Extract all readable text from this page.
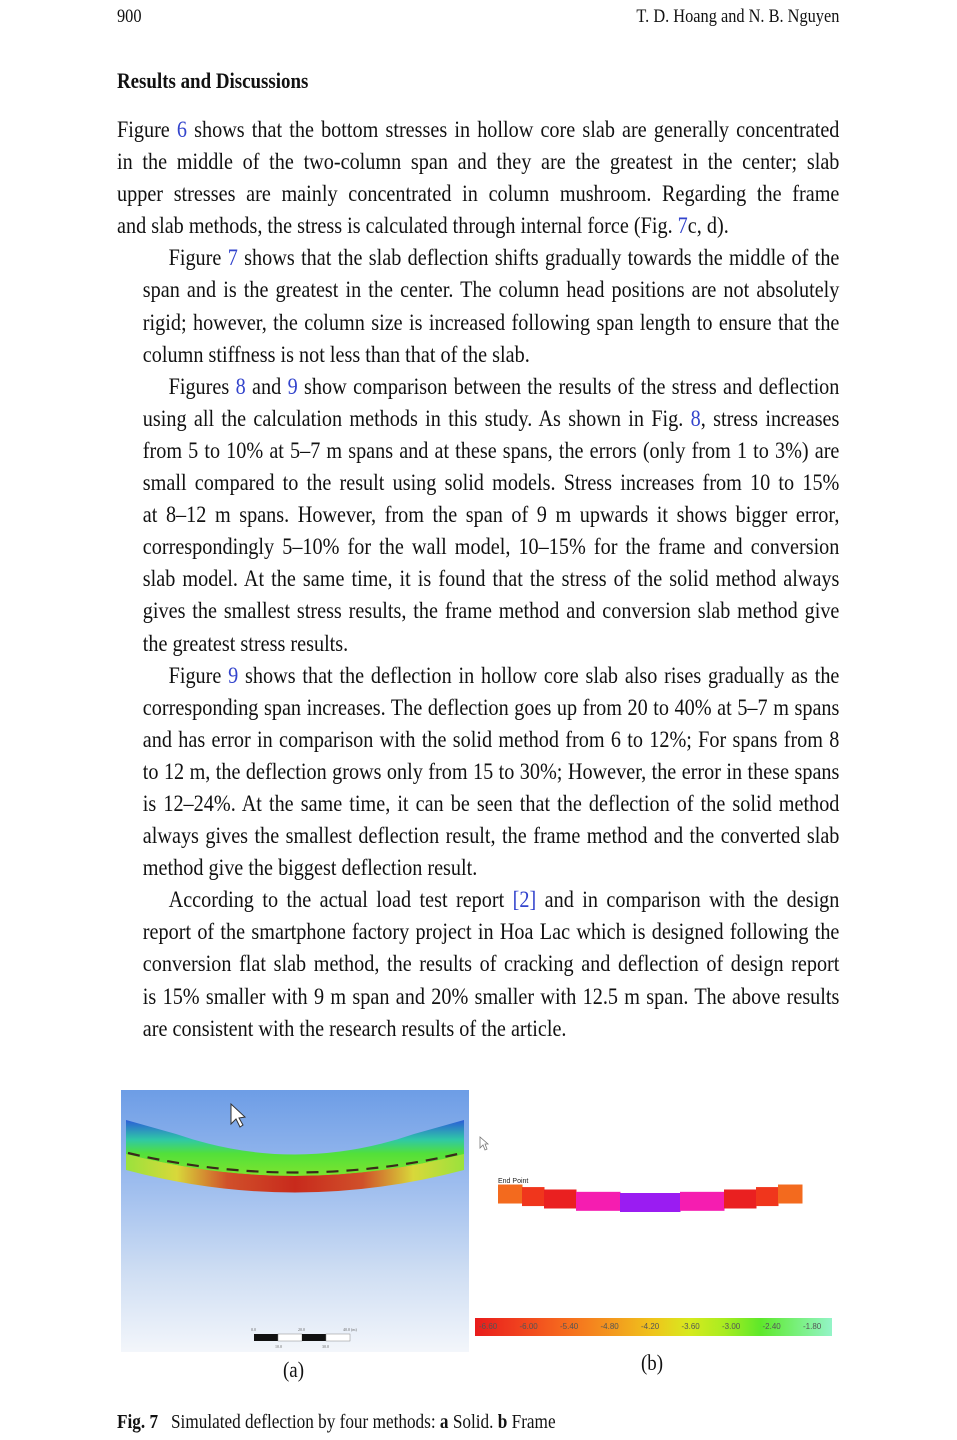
900	T. D. Hoang and N. B. Nguyen
Results and Discussions
Figure 6 shows that the bottom stresses in hollow core slab are generally concentrated
in the middle of the two-column span and they are the greatest in the center; slab
upper stresses are mainly concentrated in column mushroom. Regarding the frame
and slab methods, the stress is calculated through internal force (Fig. 7c, d).
Figure 7 shows that the slab deflection shifts gradually towards the middle of the
span and is the greatest in the center. The column head positions are not absolutely
rigid; however, the column size is increased following span length to ensure that the
column stiffness is not less than that of the slab.
Figures 8 and 9 show comparison between the results of the stress and deflection
using all the calculation methods in this study. As shown in Fig. 8, stress increases
from 5 to 10% at 5–7 m spans and at these spans, the errors (only from 1 to 3%) are
small compared to the result using solid models. Stress increases from 10 to 15%
at 8–12 m spans. However, from the span of 9 m upwards it shows bigger error,
correspondingly 5–10% for the wall model, 10–15% for the frame and conversion
slab model. At the same time, it is found that the stress of the solid method always
gives the smallest stress results, the frame method and conversion slab method give
the greatest stress results.
Figure 9 shows that the deflection in hollow core slab also rises gradually as the
corresponding span increases. The deflection goes up from 20 to 40% at 5–7 m spans
and has error in comparison with the solid method from 6 to 12%; For spans from 8
to 12 m, the deflection grows only from 15 to 30%; However, the error in these spans
is 12–24%. At the same time, it can be seen that the deflection of the solid method
always gives the smallest deflection result, the frame method and the converted slab
method give the biggest deflection result.
According to the actual load test report [2] and in comparison with the design
report of the smartphone factory project in Hoa Lac which is designed following the
conversion flat slab method, the results of cracking and deflection of design report
is 15% smaller with 9 m span and 20% smaller with 12.5 m span. The above results
are consistent with the research results of the article.
0.0	20.0	40.0 (m)
10.0	30.0
End Point
-6.60	-6.00	-5.40	-4.80	-4.20	-3.60	-3.00	-2.40	-1.80
(a)	(b)
Fig. 7 Simulated deflection by four methods: a Solid. b Frame
